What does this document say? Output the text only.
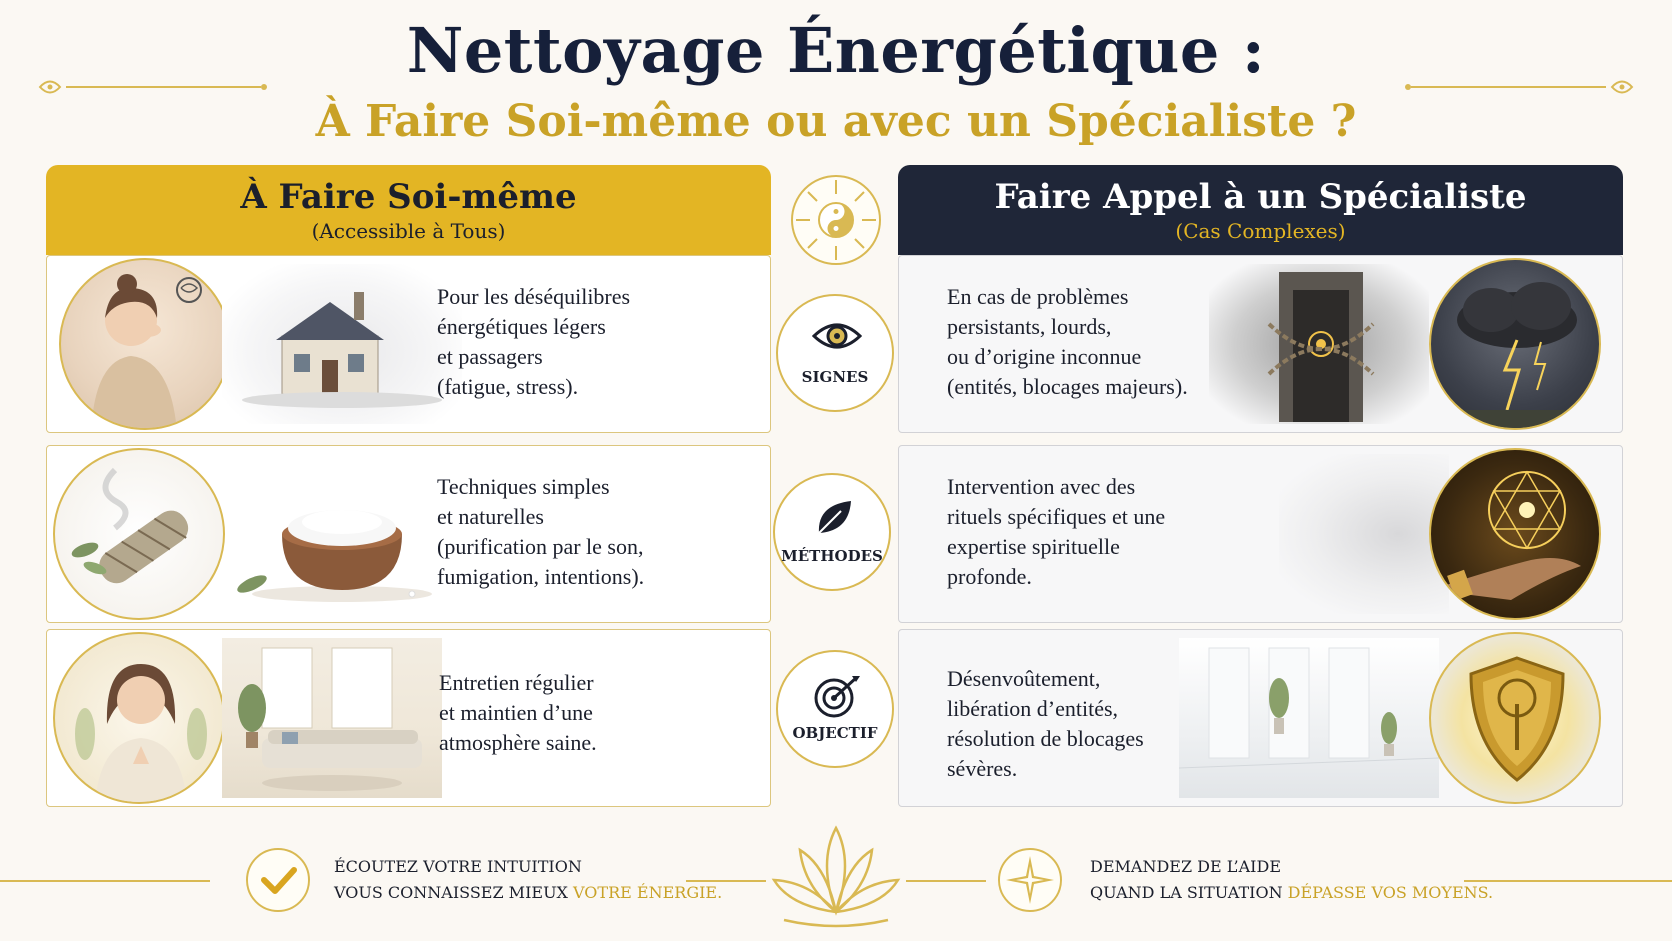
Nettoyage Énergétique :
À Faire Soi-même ou avec un Spécialiste ?
À Faire Soi-même
(Accessible à Tous)
Faire Appel à un Spécialiste
(Cas Complexes)
Pour les déséquilibres
énergétiques légers
et passagers
(fatigue, stress).
Techniques simples
et naturelles
(purification par le son,
fumigation, intentions).
Entretien régulier
et maintien d’une
atmosphère saine.
En cas de problèmes
persistants, lourds,
ou d’origine inconnue
(entités, blocages majeurs).
Intervention avec des
rituels spécifiques et une
expertise spirituelle
profonde.
Désenvoûtement,
libération d’entités,
résolution de blocages
sévères.
SIGNES
MÉTHODES
OBJECTIF
ÉCOUTEZ VOTRE INTUITION
VOUS CONNAISSEZ MIEUX VOTRE ÉNERGIE.
DEMANDEZ DE L’AIDE
QUAND LA SITUATION DÉPASSE VOS MOYENS.
